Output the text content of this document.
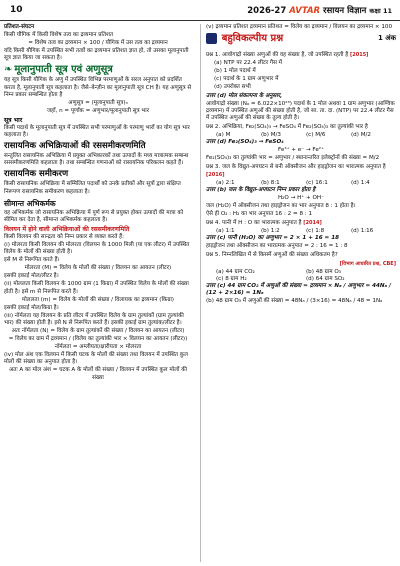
10	2026-27 AVTAR रसायन विज्ञान कक्षा 11

प्रतिशत-संघटन

किसी यौगिक में किसी विशेष तत्व का द्रव्यमान प्रतिशत

= विशेष तत्व का द्रव्यमान × 100 / यौगिक में उस तत्व का द्रव्यमान

यदि किसी यौगिक में उपस्थित सभी तत्वों का द्रव्यमान प्रतिशत ज्ञात हो, तो उसका मूलानुपाती सूत्र ज्ञात किया जा सकता है।

❧ मूलानुपाती सूत्र एवं अणुसूत्र

यह सूत्र किसी यौगिक के अणु में उपस्थित विभिन्न परमाणुओं के सरल अनुपात को प्रदर्शित करता है, मूलानुपाती सूत्र कहलाता है। जैसे–बेन्ज़ीन का मूलानुपाती सूत्र CH है। यह अणुसूत्र से निम्न प्रकार सम्बन्धित होता है

अणुसूत्र = (मूलानुपाती सूत्र)ₙ

जहाँ, n = पूर्णांक = अणुभार/मूलानुपाती सूत्र भार

सूत्र भार

किसी पदार्थ के मूलानुपाती सूत्र में उपस्थित सभी परमाणुओं के परमाणु भारों का योग सूत्र भार कहलाता है।

रासायनिक अभिक्रियाओं की रससमीकरणमिति

सन्तुलित रासायनिक अभिक्रिया में प्रयुक्त अभिकारकों तथा उत्पादों के मध्य मात्रात्मक सम्बन्ध रससमीकरणमिति कहलाता है। तथा सम्बन्धित गणनाओं को रासायनिक परिकलन कहते हैं।

रासायनिक समीकरण

किसी रासायनिक अभिक्रिया में सम्मिलित पदार्थों को उनके प्रतीकों और सूत्रों द्वारा संक्षिप्त निरूपण रासायनिक समीकरण कहलाता है।

सीमान्त अभिकर्मक

वह अभिकर्मक जो रासायनिक अभिक्रिया में पूर्ण रूप से प्रयुक्त होकर उत्पादों की मात्रा को सीमित कर देता है, सीमान्त अभिकर्मक कहलाता है।

विलयन में होने वाली अभिक्रियाओं की रससमीकरणमिति

किसी विलयन की सान्द्रता को निम्न प्रकार से व्यक्त करते हैं:

(i) मोलरता किसी विलयन की मोलरता (विलयन के 1000 मिली (या एक लीटर) में उपस्थित विलेय के मोलों की संख्या होती है।

इसे M से निरूपित करते हैं।

मोलरता (M) = विलेय के मोलों की संख्या / विलयन का आयतन (लीटर)

इसकी इकाई मोल/लीटर है।

(ii) मोललता किसी विलयन के 1000 ग्राम (1 किग्रा) में उपस्थित विलेय के मोलों की संख्या होती है। इसे m से निरूपित करते हैं।

मोललता (m) = विलेय के मोलों की संख्या / विलायक का द्रव्यमान (किग्रा)

इसकी इकाई मोल/किग्रा है।

(iii) नॉर्मलता यह विलयन के प्रति लीटर में उपस्थित विलेय के ग्राम तुल्यांकों (ग्राम तुल्यांकी भार) की संख्या होती है। इसे N से निरूपित करते हैं। इसकी इकाई ग्राम तुल्यांक/लीटर है।

अतः नॉर्मलता (N) = विलेय के ग्राम तुल्यांकों की संख्या / विलयन का आयतन (लीटर)

= विलेय का ग्राम में द्रव्यमान / (विलेय का तुल्यांकी भार × विलयन का आयतन (लीटर))

नॉर्मलता = अम्लीयता/क्षारीयता × मोलरता

(iv) मोल अंश एक विलयन में किसी घटक के मोलों की संख्या तथा विलयन में उपस्थित कुल मोलों की संख्या का अनुपात होता है।

अतः A का मोल अंश = घटक A के मोलों की संख्या / विलयन में उपस्थित कुल मोलों की संख्या

(v) द्रव्यमान प्रतिशत द्रव्यमान प्रतिशत = विलेय का द्रव्यमान / विलयन का द्रव्यमान × 100

बहुविकल्पीय प्रश्न	1 अंक

प्रश्न 1. आवोगाद्रो संख्या अणुओं की वह संख्या है, जो उपस्थित रहती है [2015]

(a) NTP पर 22.4 लीटर गैस में

(b) 1 मोल पदार्थ में

(c) पदार्थ के 1 ग्राम अणुभार में

(d) उपरोक्त सभी

उत्तर (d) मोल संकल्पना के अनुसार,

आवोगाद्रो संख्या (Nₐ = 6.022×10²³) पदार्थ के 1 मोल अथवा 1 ग्राम अणुभार (आण्विक द्रव्यमान) में उपस्थित अणुओं की संख्या होती है, जो सा. ता. दा. (NTP) पर 22.4 लीटर गैस में उपस्थित अणुओं की संख्या के तुल्य होती है।

प्रश्न 2. अभिक्रिया, Fe₂(SO₄)₃ → FeSO₄ में Fe₂(SO₄)₃ का तुल्यांकी भार है

(a) M	(b) M/3	(c) M/6	(d) M/2

उत्तर (d) Fe₂(SO₄)₃ → FeSO₄

Fe³⁺ + e⁻ → Fe²⁺

Fe₂(SO₄)₃ का तुल्यांकी भार = अणुभार / स्थानान्तरित इलेक्ट्रॉनों की संख्या = M/2

प्रश्न 3. जल के विद्युत-अपघटन से बनी ऑक्सीजन और हाइड्रोजन का भारात्मक अनुपात है [2016]

(a) 2:1	(b) 8:1	(c) 16:1	(d) 1:4

उत्तर (b) जल के विद्युत-अपघटन निम्न प्रकार होता है

H₂O → H⁺ + OH⁻

जल (H₂O) में ऑक्सीजन तथा हाइड्रोजन का भार अनुपात 8 : 1 होता है।

ऐसे ही O₂ : H₂ का भार अनुपात 16 : 2 = 8 : 1

प्रश्न 4. पानी में H : O का भारात्मक अनुपात है [2014]

(a) 1:1	(b) 1:2	(c) 1:8	(d) 1:16

उत्तर (c) पानी (H₂O) का अणुभार = 2 × 1 + 16 = 18

हाइड्रोजन तथा ऑक्सीजन का भारात्मक अनुपात = 2 : 16 = 1 : 8

प्रश्न 5. निम्नलिखित में से किसमें अणुओं की संख्या अधिकतम है?

[विभाग आधारित प्रश्न, CBE]

(a) 44 ग्राम CO₂	(b) 48 ग्राम O₃
(c) 8 ग्राम H₂	(d) 64 ग्राम SO₂

उत्तर (c) 44 ग्राम CO₂ में अणुओं की संख्या = द्रव्यमान × Nₐ / अणुभार = 44Nₐ / (12 + 2×16) = 1Nₐ

(b) 48 ग्राम O₃ में अणुओं की संख्या = 48Nₐ / (3×16) = 48Nₐ / 48 = 1Nₐ
